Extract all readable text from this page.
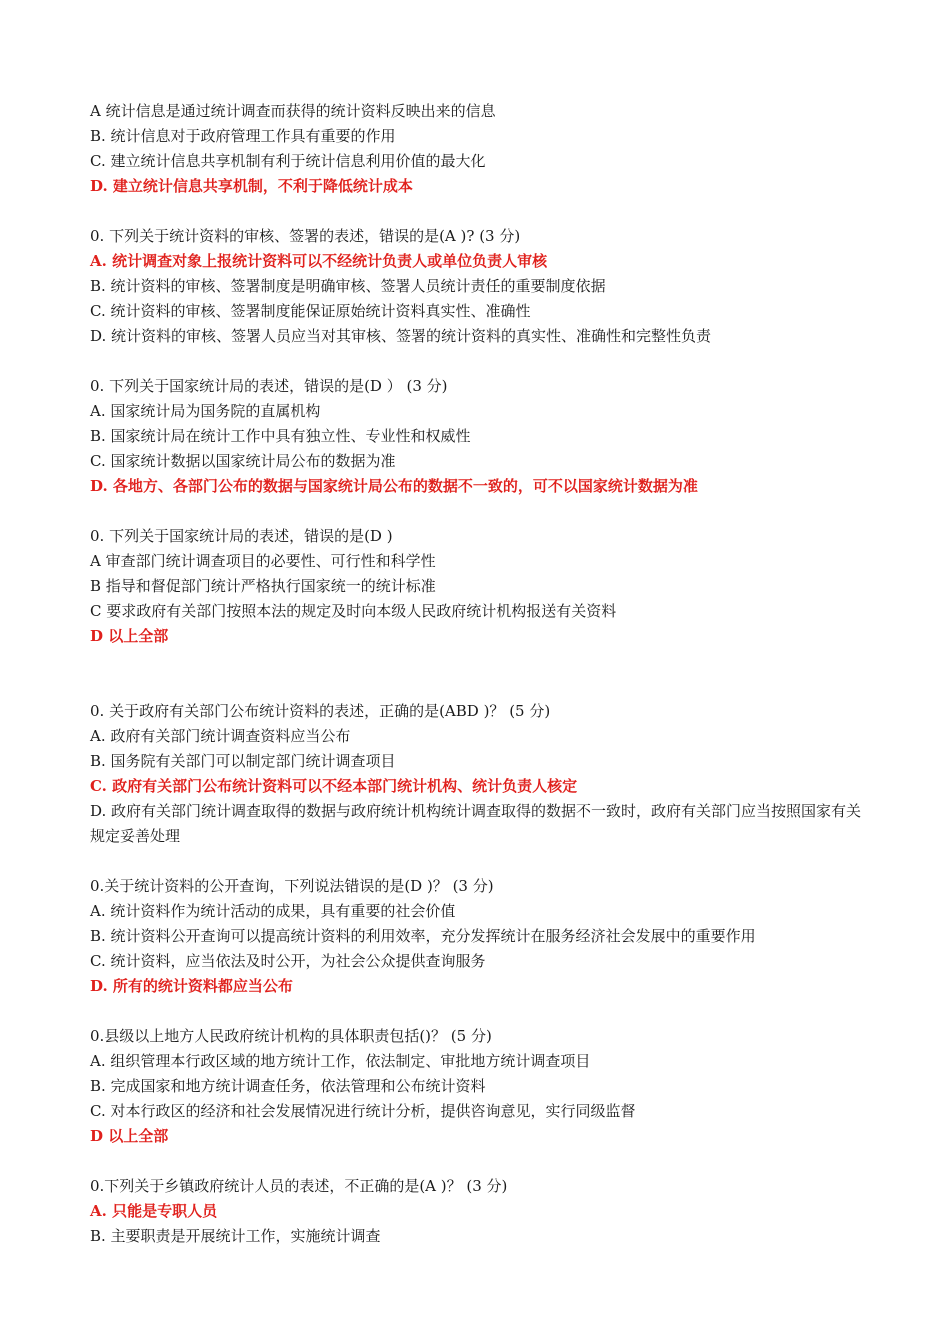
A 统计信息是通过统计调查而获得的统计资料反映出来的信息
B. 统计信息对于政府管理工作具有重要的作用
C. 建立统计信息共享机制有利于统计信息利用价值的最大化
D. 建立统计信息共享机制，不利于降低统计成本
0. 下列关于统计资料的审核、签署的表述，错误的是(A )? (3 分)
A. 统计调查对象上报统计资料可以不经统计负责人或单位负责人审核
B. 统计资料的审核、签署制度是明确审核、签署人员统计责任的重要制度依据
C. 统计资料的审核、签署制度能保证原始统计资料真实性、准确性
D. 统计资料的审核、签署人员应当对其审核、签署的统计资料的真实性、准确性和完整性负责
0. 下列关于国家统计局的表述，错误的是(D ） (3 分)
A. 国家统计局为国务院的直属机构
B. 国家统计局在统计工作中具有独立性、专业性和权威性
C. 国家统计数据以国家统计局公布的数据为准
D. 各地方、各部门公布的数据与国家统计局公布的数据不一致的，可不以国家统计数据为准
0. 下列关于国家统计局的表述，错误的是(D )
A 审查部门统计调查项目的必要性、可行性和科学性
B 指导和督促部门统计严格执行国家统一的统计标准
C 要求政府有关部门按照本法的规定及时向本级人民政府统计机构报送有关资料
D 以上全部
0. 关于政府有关部门公布统计资料的表述，正确的是(ABD )？ (5 分)
A. 政府有关部门统计调查资料应当公布
B. 国务院有关部门可以制定部门统计调查项目
C. 政府有关部门公布统计资料可以不经本部门统计机构、统计负责人核定
D. 政府有关部门统计调查取得的数据与政府统计机构统计调查取得的数据不一致时，政府有关部门应当按照国家有关规定妥善处理
0.关于统计资料的公开查询，下列说法错误的是(D )？ (3 分)
A. 统计资料作为统计活动的成果，具有重要的社会价值
B. 统计资料公开查询可以提高统计资料的利用效率，充分发挥统计在服务经济社会发展中的重要作用
C. 统计资料，应当依法及时公开，为社会公众提供查询服务
D. 所有的统计资料都应当公布
0.县级以上地方人民政府统计机构的具体职责包括()？ (5 分)
A. 组织管理本行政区域的地方统计工作，依法制定、审批地方统计调查项目
B. 完成国家和地方统计调查任务，依法管理和公布统计资料
C. 对本行政区的经济和社会发展情况进行统计分析，提供咨询意见，实行同级监督
D 以上全部
0.下列关于乡镇政府统计人员的表述，不正确的是(A )？ (3 分)
A. 只能是专职人员
B. 主要职责是开展统计工作，实施统计调查
